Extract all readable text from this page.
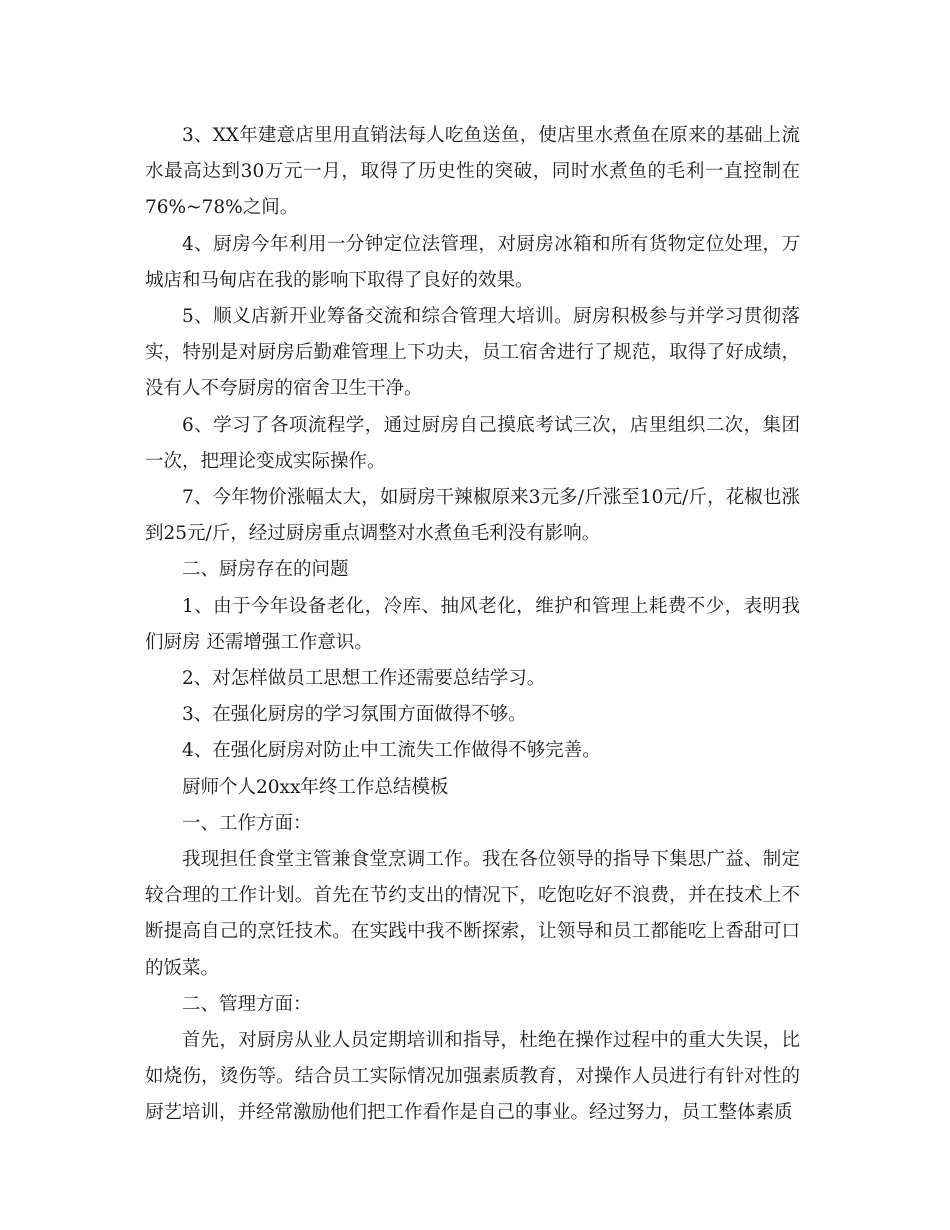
3、XX年建意店里用直销法每人吃鱼送鱼，使店里水煮鱼在原来的基础上流水最高达到30万元一月，取得了历史性的突破，同时水煮鱼的毛利一直控制在76%~78%之间。

4、厨房今年利用一分钟定位法管理，对厨房冰箱和所有货物定位处理，万城店和马甸店在我的影响下取得了良好的效果。

5、顺义店新开业筹备交流和综合管理大培训。厨房积极参与并学习贯彻落实，特别是对厨房后勤难管理上下功夫，员工宿舍进行了规范，取得了好成绩，没有人不夸厨房的宿舍卫生干净。

6、学习了各项流程学，通过厨房自己摸底考试三次，店里组织二次，集团一次，把理论变成实际操作。

7、今年物价涨幅太大，如厨房干辣椒原来3元多/斤涨至10元/斤，花椒也涨到25元/斤，经过厨房重点调整对水煮鱼毛利没有影响。

二、厨房存在的问题

1、由于今年设备老化，冷库、抽风老化，维护和管理上耗费不少，表明我们厨房 还需增强工作意识。

2、对怎样做员工思想工作还需要总结学习。

3、在强化厨房的学习氛围方面做得不够。

4、在强化厨房对防止中工流失工作做得不够完善。

厨师个人20xx年终工作总结模板

一、工作方面：

我现担任食堂主管兼食堂烹调工作。我在各位领导的指导下集思广益、制定较合理的工作计划。首先在节约支出的情况下，吃饱吃好不浪费，并在技术上不断提高自己的烹饪技术。在实践中我不断探索，让领导和员工都能吃上香甜可口的饭菜。

二、管理方面：

首先，对厨房从业人员定期培训和指导，杜绝在操作过程中的重大失误，比如烧伤，烫伤等。结合员工实际情况加强素质教育，对操作人员进行有针对性的厨艺培训，并经常激励他们把工作看作是自己的事业。经过努力，员工整体素质
